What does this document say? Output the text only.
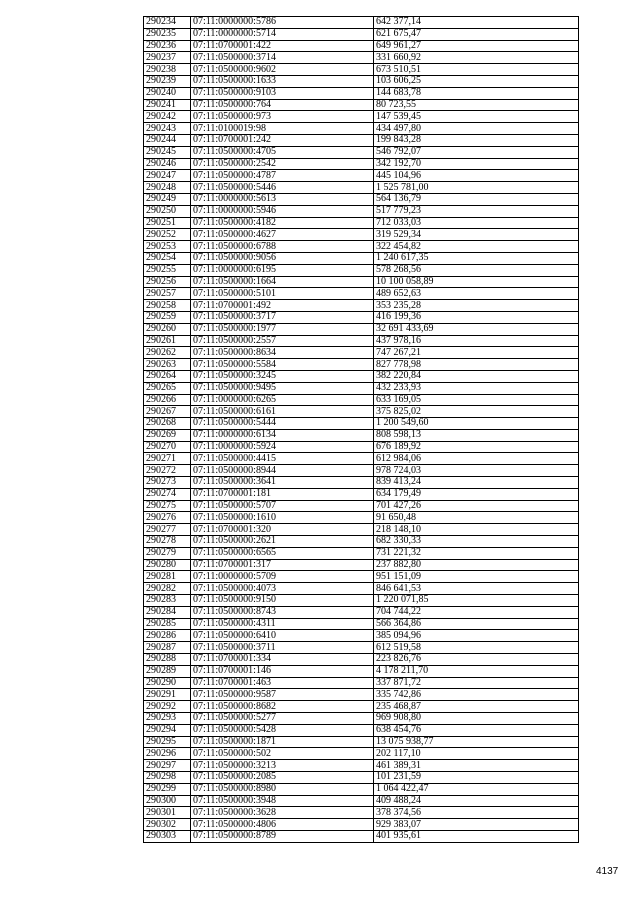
290234	07:11:0000000:5786	642 377,14
290235	07:11:0000000:5714	621 675,47
290236	07:11:0700001:422	649 961,27
290237	07:11:0500000:3714	331 660,92
290238	07:11:0500000:9602	673 510,51
290239	07:11:0500000:1633	103 606,25
290240	07:11:0500000:9103	144 683,78
290241	07:11:0500000:764	80 723,55
290242	07:11:0500000:973	147 539,45
290243	07:11:0100019:98	434 497,80
290244	07:11:0700001:242	199 843,28
290245	07:11:0500000:4705	546 792,07
290246	07:11:0500000:2542	342 192,70
290247	07:11:0500000:4787	445 104,96
290248	07:11:0500000:5446	1 525 781,00
290249	07:11:0000000:5613	564 136,79
290250	07:11:0000000:5946	517 779,23
290251	07:11:0500000:4182	712 033,03
290252	07:11:0500000:4627	319 529,34
290253	07:11:0500000:6788	322 454,82
290254	07:11:0500000:9056	1 240 617,35
290255	07:11:0000000:6195	578 268,56
290256	07:11:0500000:1664	10 100 058,89
290257	07:11:0500000:5101	489 652,63
290258	07:11:0700001:492	353 235,28
290259	07:11:0500000:3717	416 199,36
290260	07:11:0500000:1977	32 691 433,69
290261	07:11:0500000:2557	437 978,16
290262	07:11:0500000:8634	747 267,21
290263	07:11:0500000:5584	827 778,98
290264	07:11:0500000:3245	382 220,84
290265	07:11:0500000:9495	432 233,93
290266	07:11:0000000:6265	633 169,05
290267	07:11:0500000:6161	375 825,02
290268	07:11:0500000:5444	1 200 549,60
290269	07:11:0000000:6134	808 598,13
290270	07:11:0000000:5924	676 189,92
290271	07:11:0500000:4415	612 984,06
290272	07:11:0500000:8944	978 724,03
290273	07:11:0500000:3641	839 413,24
290274	07:11:0700001:181	634 179,49
290275	07:11:0500000:5707	701 427,26
290276	07:11:0500000:1610	91 650,48
290277	07:11:0700001:320	218 148,10
290278	07:11:0500000:2621	682 330,33
290279	07:11:0500000:6565	731 221,32
290280	07:11:0700001:317	237 882,80
290281	07:11:0000000:5709	951 151,09
290282	07:11:0500000:4073	846 641,53
290283	07:11:0500000:9150	1 220 071,85
290284	07:11:0500000:8743	704 744,22
290285	07:11:0500000:4311	566 364,86
290286	07:11:0500000:6410	385 094,96
290287	07:11:0500000:3711	612 519,58
290288	07:11:0700001:334	223 826,76
290289	07:11:0700001:146	4 178 211,70
290290	07:11:0700001:463	337 871,72
290291	07:11:0500000:9587	335 742,86
290292	07:11:0500000:8682	235 468,87
290293	07:11:0500000:5277	969 908,80
290294	07:11:0500000:5428	638 454,76
290295	07:11:0500000:1871	13 075 938,77
290296	07:11:0500000:502	202 117,10
290297	07:11:0500000:3213	461 389,31
290298	07:11:0500000:2085	101 231,59
290299	07:11:0500000:8980	1 064 422,47
290300	07:11:0500000:3948	409 488,24
290301	07:11:0500000:3628	378 374,56
290302	07:11:0500000:4806	929 383,07
290303	07:11:0500000:8789	401 935,61
4137
